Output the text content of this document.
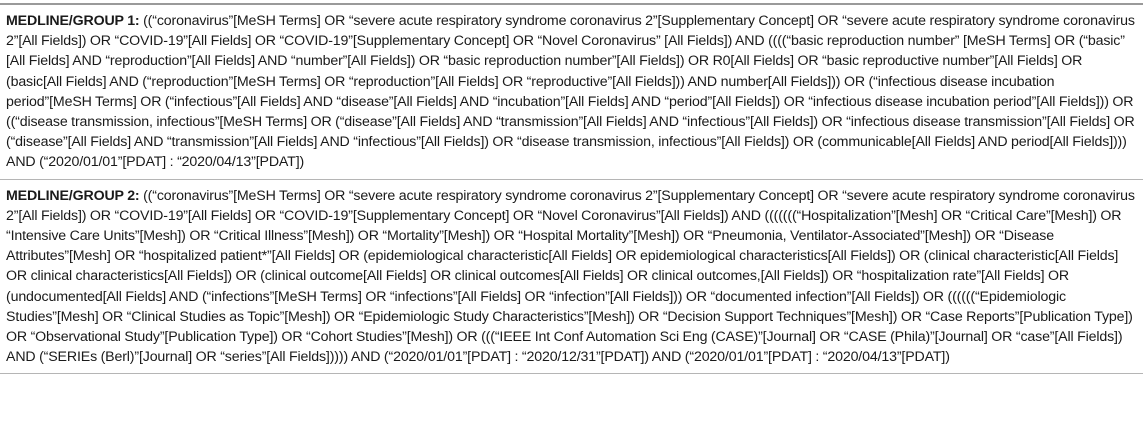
MEDLINE/GROUP 1: ((“coronavirus”[MeSH Terms] OR “severe acute respiratory syndrome coronavirus 2”[Supplementary Concept] OR “severe acute respiratory syndrome coronavirus 2”[All Fields]) OR “COVID-19”[All Fields] OR “COVID-19”[Supplementary Concept] OR “Novel Coronavirus” [All Fields]) AND ((((“basic reproduction number” [MeSH Terms] OR (“basic” [All Fields] AND “reproduction”[All Fields] AND “number”[All Fields]) OR “basic reproduction number”[All Fields]) OR R0[All Fields] OR “basic reproductive number”[All Fields] OR (basic[All Fields] AND (“reproduction”[MeSH Terms] OR “reproduction”[All Fields] OR “reproductive”[All Fields])) AND number[All Fields])) OR (“infectious disease incubation period”[MeSH Terms] OR (“infectious”[All Fields] AND “disease”[All Fields] AND “incubation”[All Fields] AND “period”[All Fields]) OR “infectious disease incubation period”[All Fields])) OR ((“disease transmission, infectious”[MeSH Terms] OR (“disease”[All Fields] AND “transmission”[All Fields] AND “infectious”[All Fields]) OR “infectious disease transmission”[All Fields] OR (“disease”[All Fields] AND “transmission”[All Fields] AND “infectious”[All Fields]) OR “disease transmission, infectious”[All Fields]) OR (communicable[All Fields] AND period[All Fields]))) AND (“2020/01/01”[PDAT] : “2020/04/13”[PDAT])
MEDLINE/GROUP 2: ((“coronavirus”[MeSH Terms] OR “severe acute respiratory syndrome coronavirus 2”[Supplementary Concept] OR “severe acute respiratory syndrome coronavirus 2”[All Fields]) OR “COVID-19”[All Fields] OR “COVID-19”[Supplementary Concept] OR “Novel Coronavirus”[All Fields]) AND (((((((“Hospitalization”[Mesh] OR “Critical Care”[Mesh]) OR “Intensive Care Units”[Mesh]) OR “Critical Illness”[Mesh]) OR “Mortality”[Mesh]) OR “Hospital Mortality”[Mesh]) OR “Pneumonia, Ventilator-Associated”[Mesh]) OR “Disease Attributes”[Mesh] OR “hospitalized patient*”[All Fields] OR (epidemiological characteristic[All Fields] OR epidemiological characteristics[All Fields]) OR (clinical characteristic[All Fields] OR clinical characteristics[All Fields]) OR (clinical outcome[All Fields] OR clinical outcomes[All Fields] OR clinical outcomes,[All Fields]) OR “hospitalization rate”[All Fields] OR (undocumented[All Fields] AND (“infections”[MeSH Terms] OR “infections”[All Fields] OR “infection”[All Fields])) OR “documented infection”[All Fields]) OR ((((((“Epidemiologic Studies”[Mesh] OR “Clinical Studies as Topic”[Mesh]) OR “Epidemiologic Study Characteristics”[Mesh]) OR “Decision Support Techniques”[Mesh]) OR “Case Reports”[Publication Type]) OR “Observational Study”[Publication Type]) OR “Cohort Studies”[Mesh]) OR (((“IEEE Int Conf Automation Sci Eng (CASE)”[Journal] OR “CASE (Phila)”[Journal] OR “case”[All Fields]) AND (“SERIEs (Berl)”[Journal] OR “series”[All Fields])))) AND (“2020/01/01”[PDAT] : “2020/12/31”[PDAT]) AND (“2020/01/01”[PDAT] : “2020/04/13”[PDAT])
